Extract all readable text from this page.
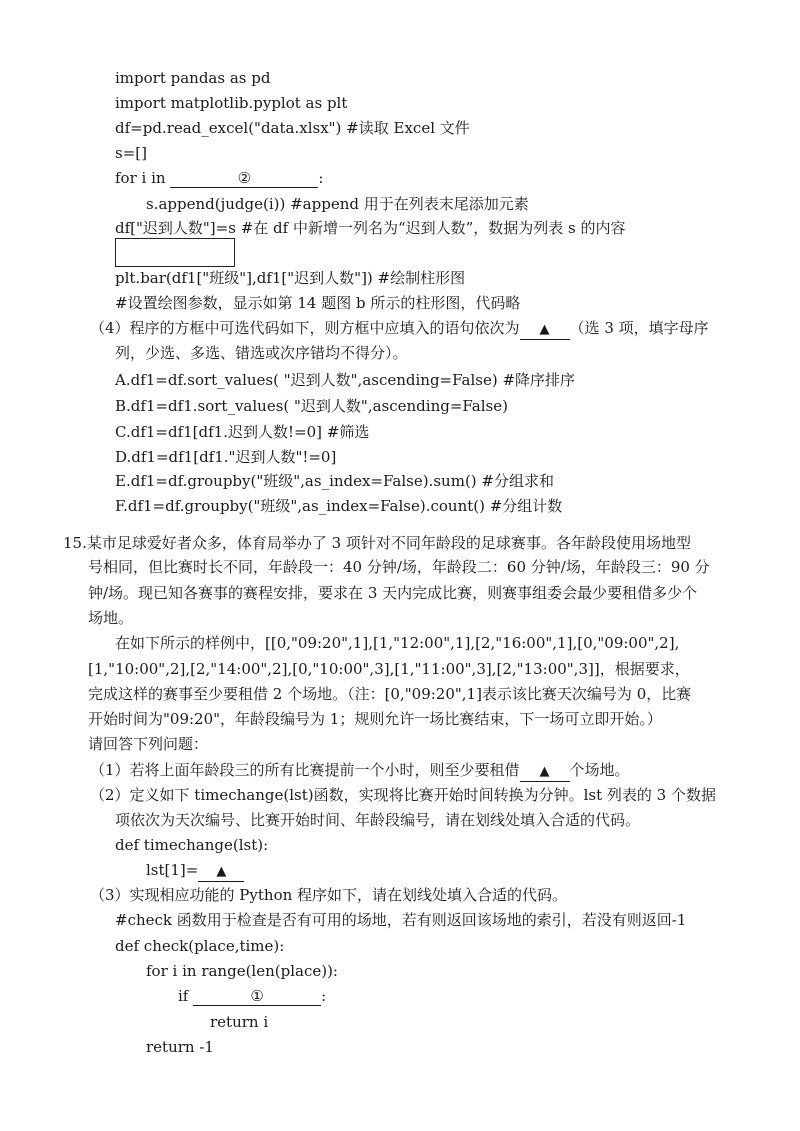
import pandas as pd
import matplotlib.pyplot as plt
df=pd.read_excel("data.xlsx") #读取 Excel 文件
s=[]
for i in	②	:
s.append(judge(i)) #append 用于在列表末尾添加元素
df["迟到人数"]=s #在 df 中新增一列名为“迟到人数”，数据为列表 s 的内容
plt.bar(df1["班级"],df1["迟到人数"]) #绘制柱形图
#设置绘图参数，显示如第 14 题图 b 所示的柱形图，代码略
（4）程序的方框中可选代码如下，则方框中应填入的语句依次为 ▲ （选 3 项，填字母序
列，少选、多选、错选或次序错均不得分）。
A.df1=df.sort_values( "迟到人数",ascending=False) #降序排序
B.df1=df1.sort_values( "迟到人数",ascending=False)
C.df1=df1[df1.迟到人数!=0] #筛选
D.df1=df1[df1."迟到人数"!=0]
E.df1=df.groupby("班级",as_index=False).sum() #分组求和
F.df1=df.groupby("班级",as_index=False).count() #分组计数
15.某市足球爱好者众多，体育局举办了 3 项针对不同年龄段的足球赛事。各年龄段使用场地型
号相同，但比赛时长不同，年龄段一：40 分钟/场，年龄段二：60 分钟/场，年龄段三：90 分
钟/场。现已知各赛事的赛程安排，要求在 3 天内完成比赛，则赛事组委会最少要租借多少个
场地。
在如下所示的样例中，[[0,"09:20",1],[1,"12:00",1],[2,"16:00",1],[0,"09:00",2],
[1,"10:00",2],[2,"14:00",2],[0,"10:00",3],[1,"11:00",3],[2,"13:00",3]]，根据要求，
完成这样的赛事至少要租借 2 个场地。（注：[0,"09:20",1]表示该比赛天次编号为 0，比赛
开始时间为"09:20"，年龄段编号为 1；规则允许一场比赛结束，下一场可立即开始。）
请回答下列问题：
（1）若将上面年龄段三的所有比赛提前一个小时，则至少要租借 ▲ 个场地。
（2）定义如下 timechange(lst)函数，实现将比赛开始时间转换为分钟。lst 列表的 3 个数据
项依次为天次编号、比赛开始时间、年龄段编号，请在划线处填入合适的代码。
def timechange(lst):
lst[1]= ▲
（3）实现相应功能的 Python 程序如下，请在划线处填入合适的代码。
#check 函数用于检查是否有可用的场地，若有则返回该场地的索引，若没有则返回-1
def check(place,time):
for i in range(len(place)):
if	①	:
return i
return -1
